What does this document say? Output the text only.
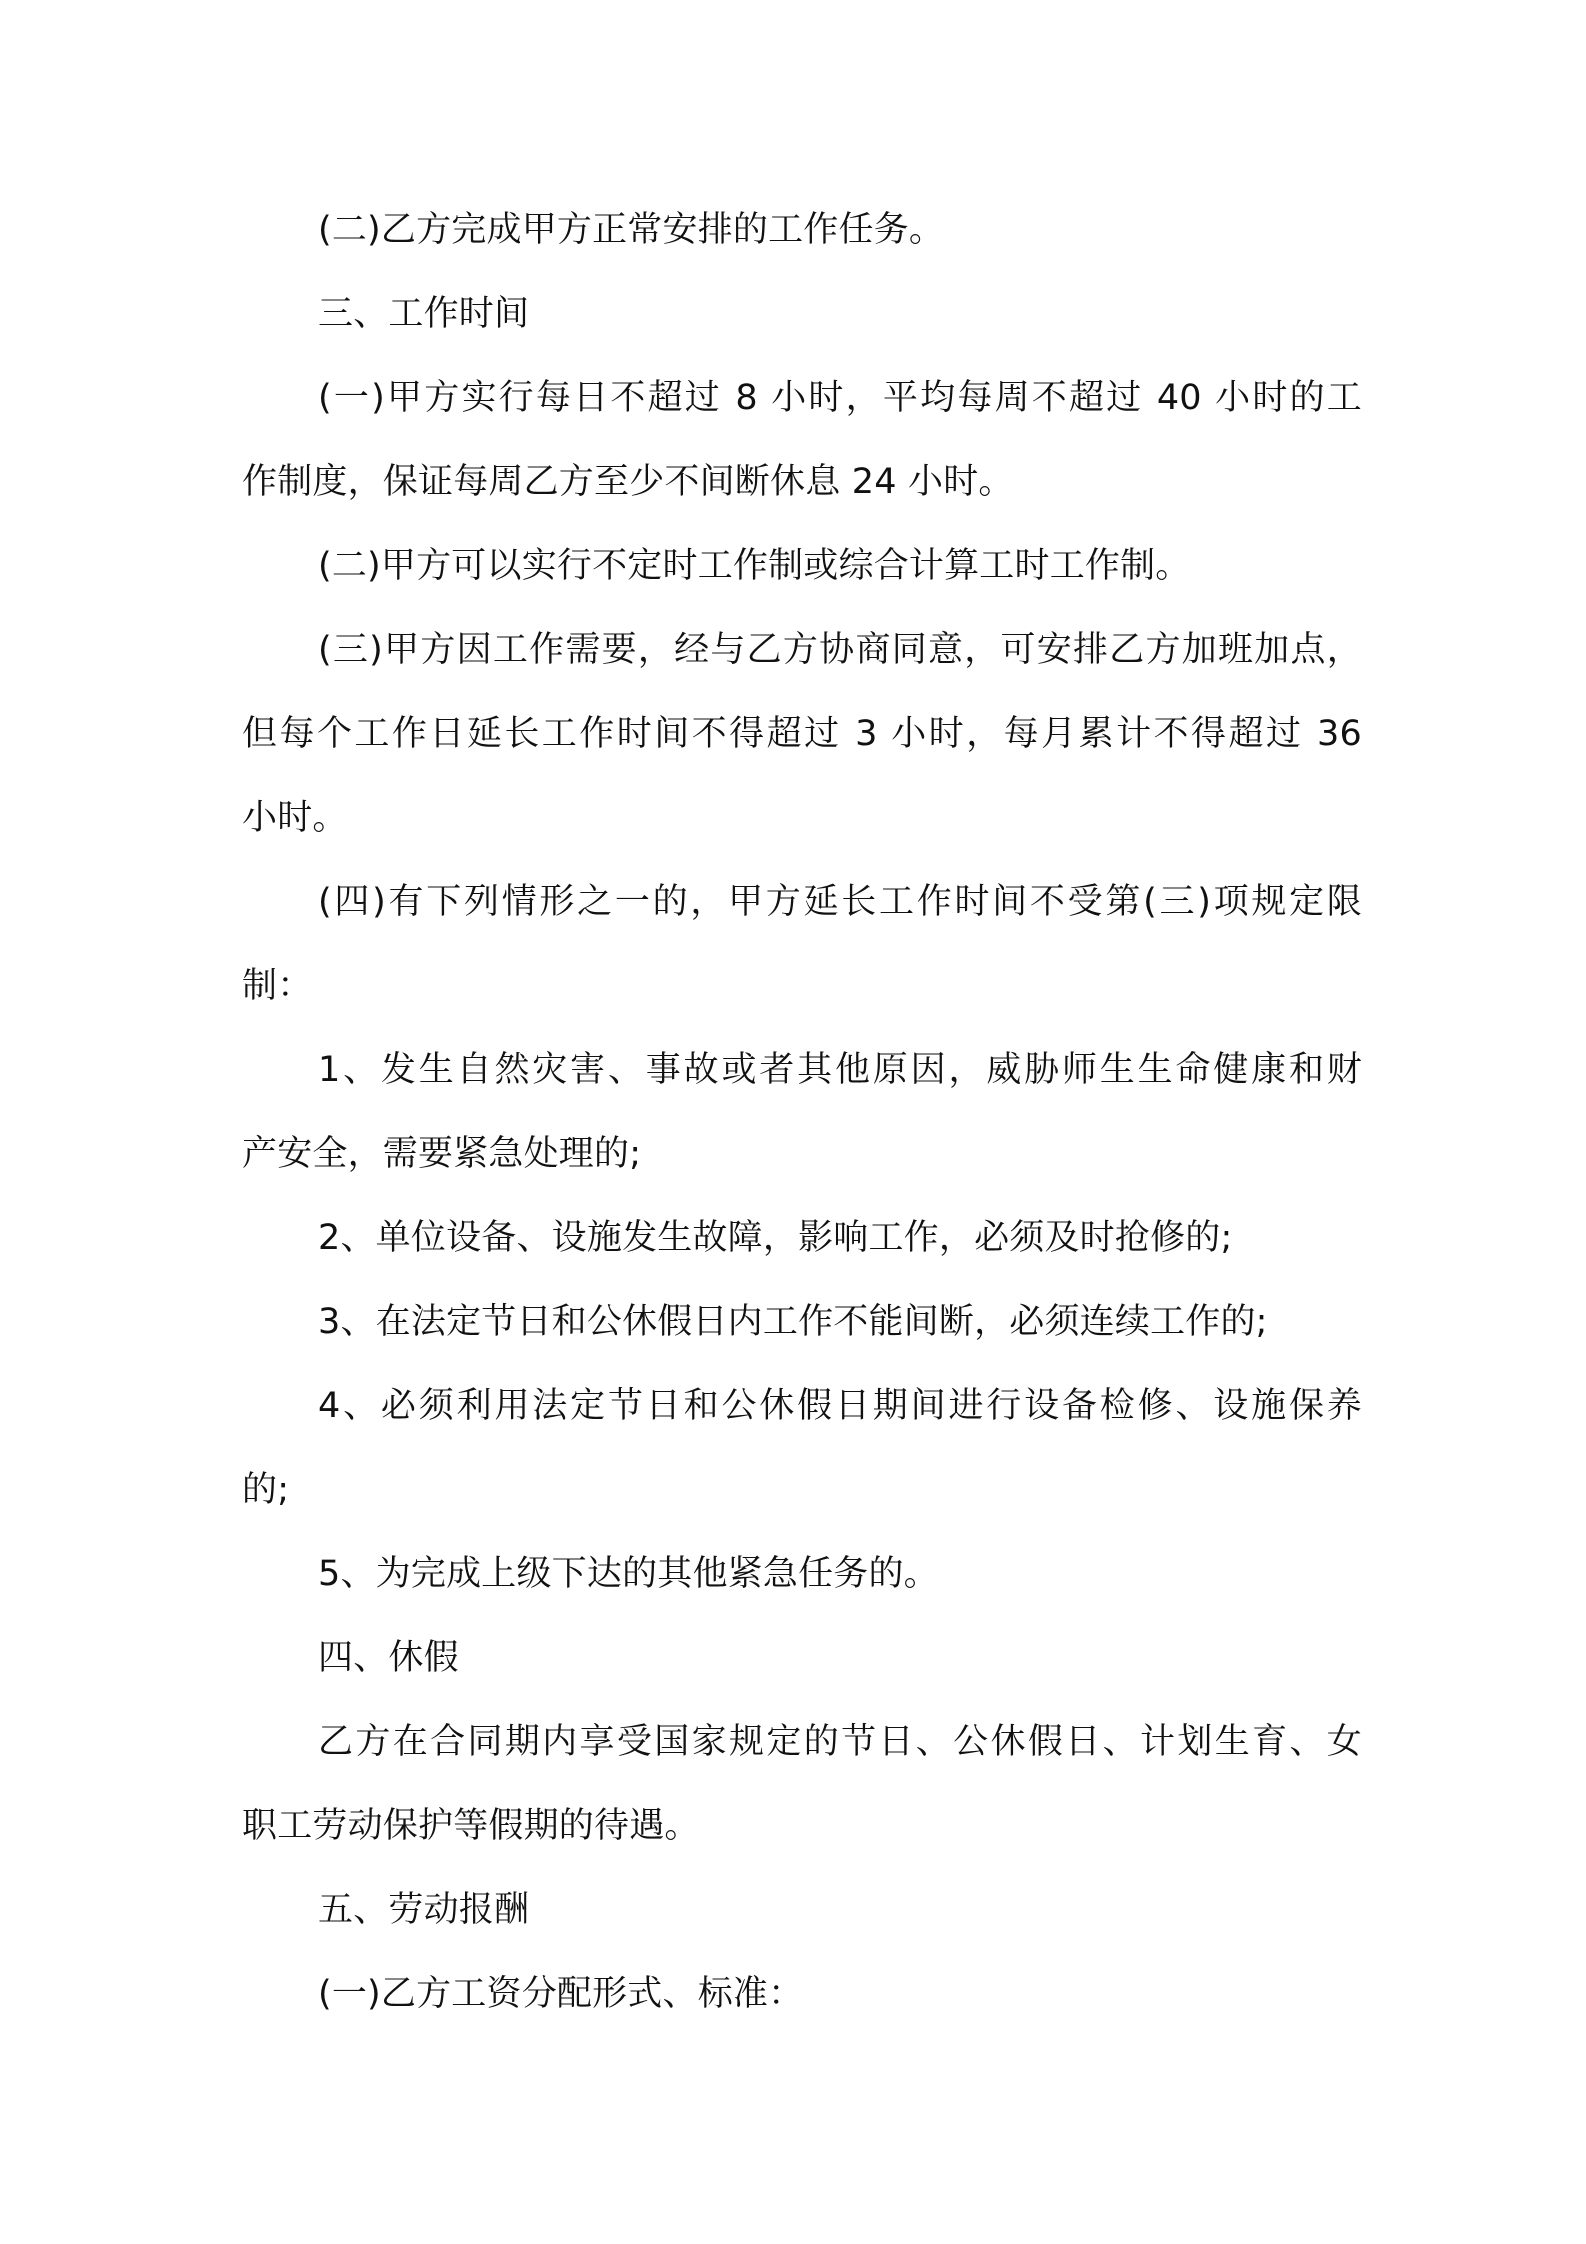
(二)乙方完成甲方正常安排的工作任务。

三、工作时间

(一)甲方实行每日不超过 8 小时，平均每周不超过 40 小时的工

作制度，保证每周乙方至少不间断休息 24 小时。

(二)甲方可以实行不定时工作制或综合计算工时工作制。

(三)甲方因工作需要，经与乙方协商同意，可安排乙方加班加点，

但每个工作日延长工作时间不得超过 3 小时，每月累计不得超过 36

小时。

(四)有下列情形之一的，甲方延长工作时间不受第(三)项规定限

制：

1、发生自然灾害、事故或者其他原因，威胁师生生命健康和财

产安全，需要紧急处理的;

2、单位设备、设施发生故障，影响工作，必须及时抢修的;

3、在法定节日和公休假日内工作不能间断，必须连续工作的;

4、必须利用法定节日和公休假日期间进行设备检修、设施保养

的;

5、为完成上级下达的其他紧急任务的。

四、休假

乙方在合同期内享受国家规定的节日、公休假日、计划生育、女

职工劳动保护等假期的待遇。

五、劳动报酬

(一)乙方工资分配形式、标准：
